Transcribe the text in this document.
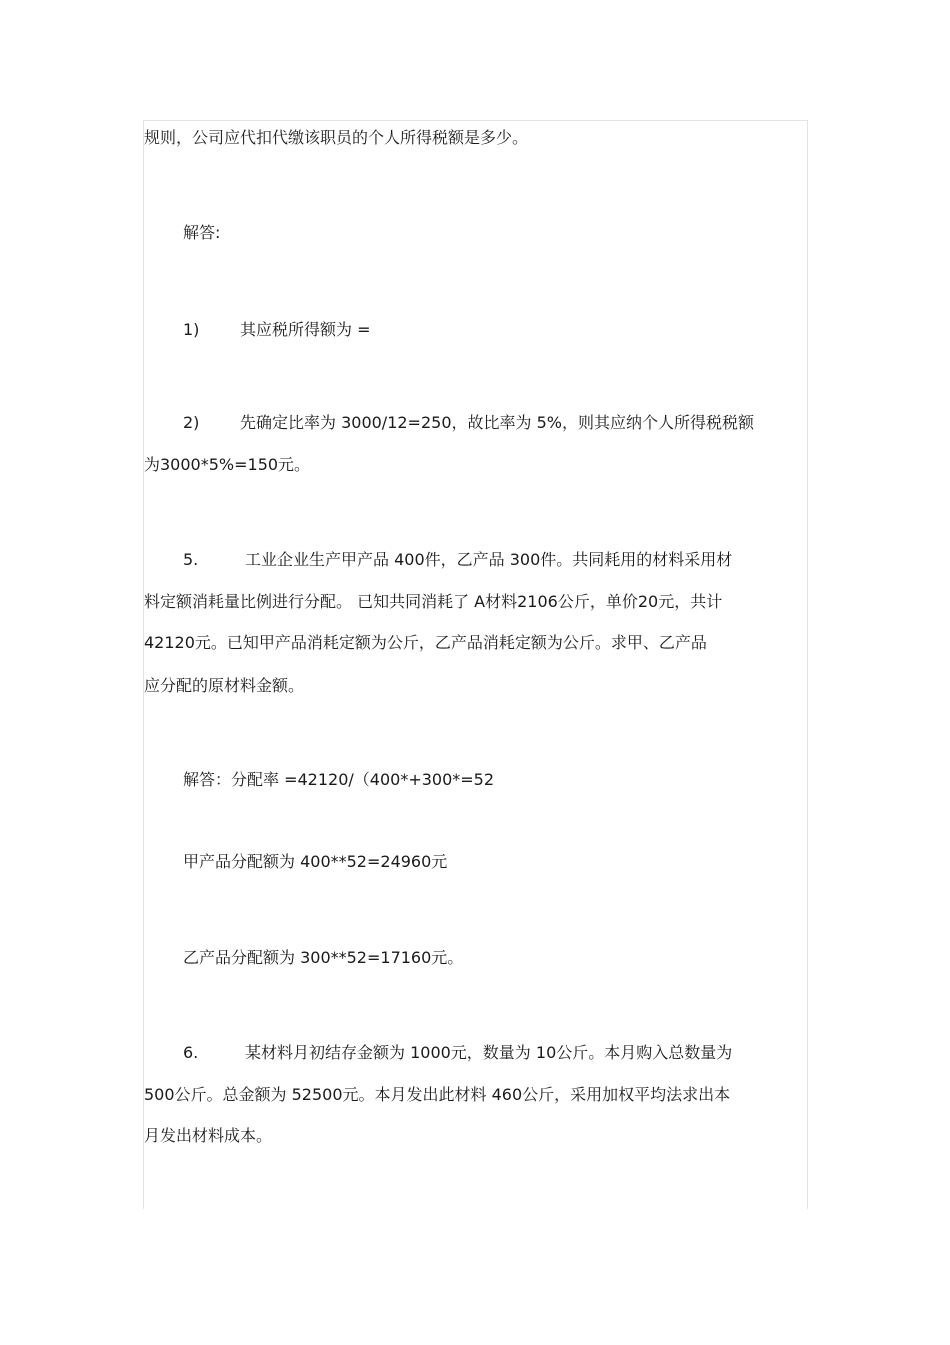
规则，公司应代扣代缴该职员的个人所得税额是多少。
解答:
1)	其应税所得额为 =
2)	先确定比率为 3000/12=250，故比率为 5%，则其应纳个人所得税税额
为3000*5%=150元。
5.	工业企业生产甲产品 400件，乙产品 300件。共同耗用的材料采用材
料定额消耗量比例进行分配。 已知共同消耗了 A材料2106公斤，单价20元，共计
42120元。已知甲产品消耗定额为公斤，乙产品消耗定额为公斤。求甲、乙产品
应分配的原材料金额。
解答：分配率 =42120/（400*+300*=52
甲产品分配额为 400**52=24960元
乙产品分配额为 300**52=17160元。
6.	某材料月初结存金额为 1000元，数量为 10公斤。本月购入总数量为
500公斤。总金额为 52500元。本月发出此材料 460公斤，采用加权平均法求出本
月发出材料成本。
